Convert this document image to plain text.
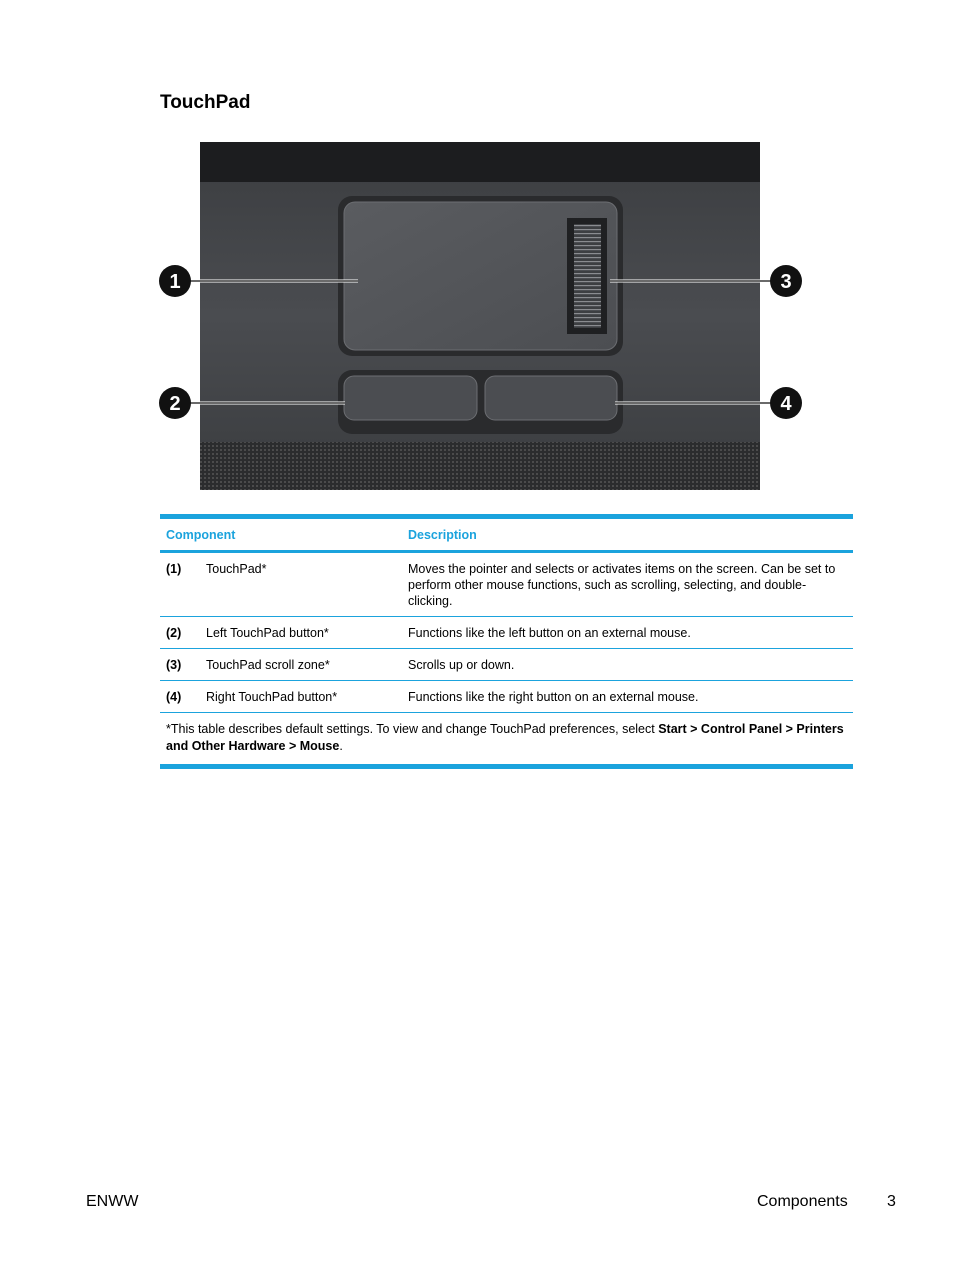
TouchPad
1
2
3
4
Component		Description
(1)	TouchPad*	Moves the pointer and selects or activates items on the screen. Can be set to perform other mouse functions, such as scrolling, selecting, and double-clicking.
(2)	Left TouchPad button*	Functions like the left button on an external mouse.
(3)	TouchPad scroll zone*	Scrolls up or down.
(4)	Right TouchPad button*	Functions like the right button on an external mouse.
*This table describes default settings. To view and change TouchPad preferences, select Start > Control Panel > Printers and Other Hardware > Mouse.		
ENWW	Components 3
